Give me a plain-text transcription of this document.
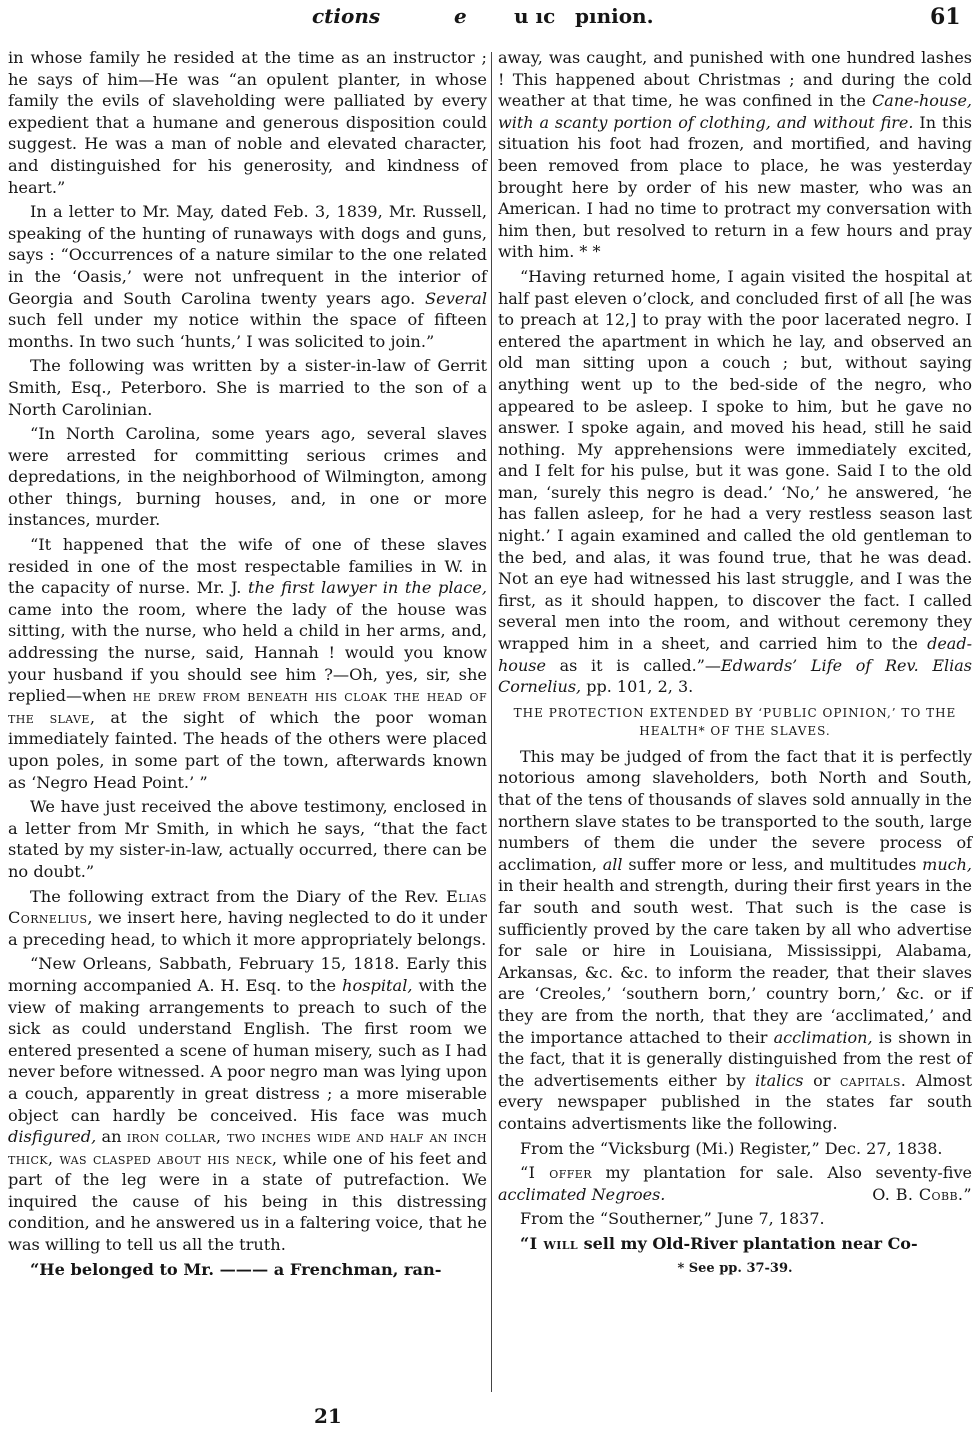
ctions	e u ıc pınion.	61

in whose family he resided at the time as an instructor ; he says of him—He was “an opulent planter, in whose family the evils of slaveholding were palliated by every expedient that a humane and generous disposition could suggest. He was a man of noble and elevated character, and distinguished for his generosity, and kindness of heart.”

In a letter to Mr. May, dated Feb. 3, 1839, Mr. Russell, speaking of the hunting of runaways with dogs and guns, says : “Occurrences of a nature similar to the one related in the ‘Oasis,’ were not unfrequent in the interior of Georgia and South Carolina twenty years ago. Several such fell under my notice within the space of fifteen months. In two such ‘hunts,’ I was solicited to join.”

The following was written by a sister-in-law of Gerrit Smith, Esq., Peterboro. She is married to the son of a North Carolinian.

“In North Carolina, some years ago, several slaves were arrested for committing serious crimes and depredations, in the neighborhood of Wilmington, among other things, burning houses, and, in one or more instances, murder.

“It happened that the wife of one of these slaves resided in one of the most respectable families in W. in the capacity of nurse. Mr. J. the first lawyer in the place, came into the room, where the lady of the house was sitting, with the nurse, who held a child in her arms, and, addressing the nurse, said, Hannah ! would you know your husband if you should see him ?—Oh, yes, sir, she replied—when he drew from beneath his cloak the head of the slave, at the sight of which the poor woman immediately fainted. The heads of the others were placed upon poles, in some part of the town, afterwards known as ‘Negro Head Point.’ ”

We have just received the above testimony, enclosed in a letter from Mr Smith, in which he says, “that the fact stated by my sister-in-law, actually occurred, there can be no doubt.”

The following extract from the Diary of the Rev. Elias Cornelius, we insert here, having neglected to do it under a preceding head, to which it more appropriately belongs.

“New Orleans, Sabbath, February 15, 1818. Early this morning accompanied A. H. Esq. to the hospital, with the view of making arrangements to preach to such of the sick as could understand English. The first room we entered presented a scene of human misery, such as I had never before witnessed. A poor negro man was lying upon a couch, apparently in great distress ; a more miserable object can hardly be conceived. His face was much disfigured, an iron collar, two inches wide and half an inch thick, was clasped about his neck, while one of his feet and part of the leg were in a state of putrefaction. We inquired the cause of his being in this distressing condition, and he answered us in a faltering voice, that he was willing to tell us all the truth.

“He belonged to Mr. ——— a Frenchman, ran-

away, was caught, and punished with one hundred lashes ! This happened about Christmas ; and during the cold weather at that time, he was confined in the Cane-house, with a scanty portion of clothing, and without fire. In this situation his foot had frozen, and mortified, and having been removed from place to place, he was yesterday brought here by order of his new master, who was an American. I had no time to protract my conversation with him then, but resolved to return in a few hours and pray with him. * *

“Having returned home, I again visited the hospital at half past eleven o’clock, and concluded first of all [he was to preach at 12,] to pray with the poor lacerated negro. I entered the apartment in which he lay, and observed an old man sitting upon a couch ; but, without saying anything went up to the bed-side of the negro, who appeared to be asleep. I spoke to him, but he gave no answer. I spoke again, and moved his head, still he said nothing. My apprehensions were immediately excited, and I felt for his pulse, but it was gone. Said I to the old man, ‘surely this negro is dead.’ ‘No,’ he answered, ‘he has fallen asleep, for he had a very restless season last night.’ I again examined and called the old gentleman to the bed, and alas, it was found true, that he was dead. Not an eye had witnessed his last struggle, and I was the first, as it should happen, to discover the fact. I called several men into the room, and without ceremony they wrapped him in a sheet, and carried him to the dead-house as it is called.”—Edwards’ Life of Rev. Elias Cornelius, pp. 101, 2, 3.

THE PROTECTION EXTENDED BY ‘PUBLIC OPINION,’ TO THE HEALTH* OF THE SLAVES.

This may be judged of from the fact that it is perfectly notorious among slaveholders, both North and South, that of the tens of thousands of slaves sold annually in the northern slave states to be transported to the south, large numbers of them die under the severe process of acclimation, all suffer more or less, and multitudes much, in their health and strength, during their first years in the far south and south west. That such is the case is sufficiently proved by the care taken by all who advertise for sale or hire in Louisiana, Mississippi, Alabama, Arkansas, &c. &c. to inform the reader, that their slaves are ‘Creoles,’ ‘southern born,’ country born,’ &c. or if they are from the north, that they are ‘acclimated,’ and the importance attached to their acclimation, is shown in the fact, that it is generally distinguished from the rest of the advertisements either by italics or capitals. Almost every newspaper published in the states far south contains advertisments like the following.

From the “Vicksburg (Mi.) Register,” Dec. 27, 1838.

“I offer my plantation for sale. Also seventy-five acclimated Negroes.	O. B. Cobb.”

From the “Southerner,” June 7, 1837.

“I will sell my Old-River plantation near Co-

* See pp. 37-39.
21
